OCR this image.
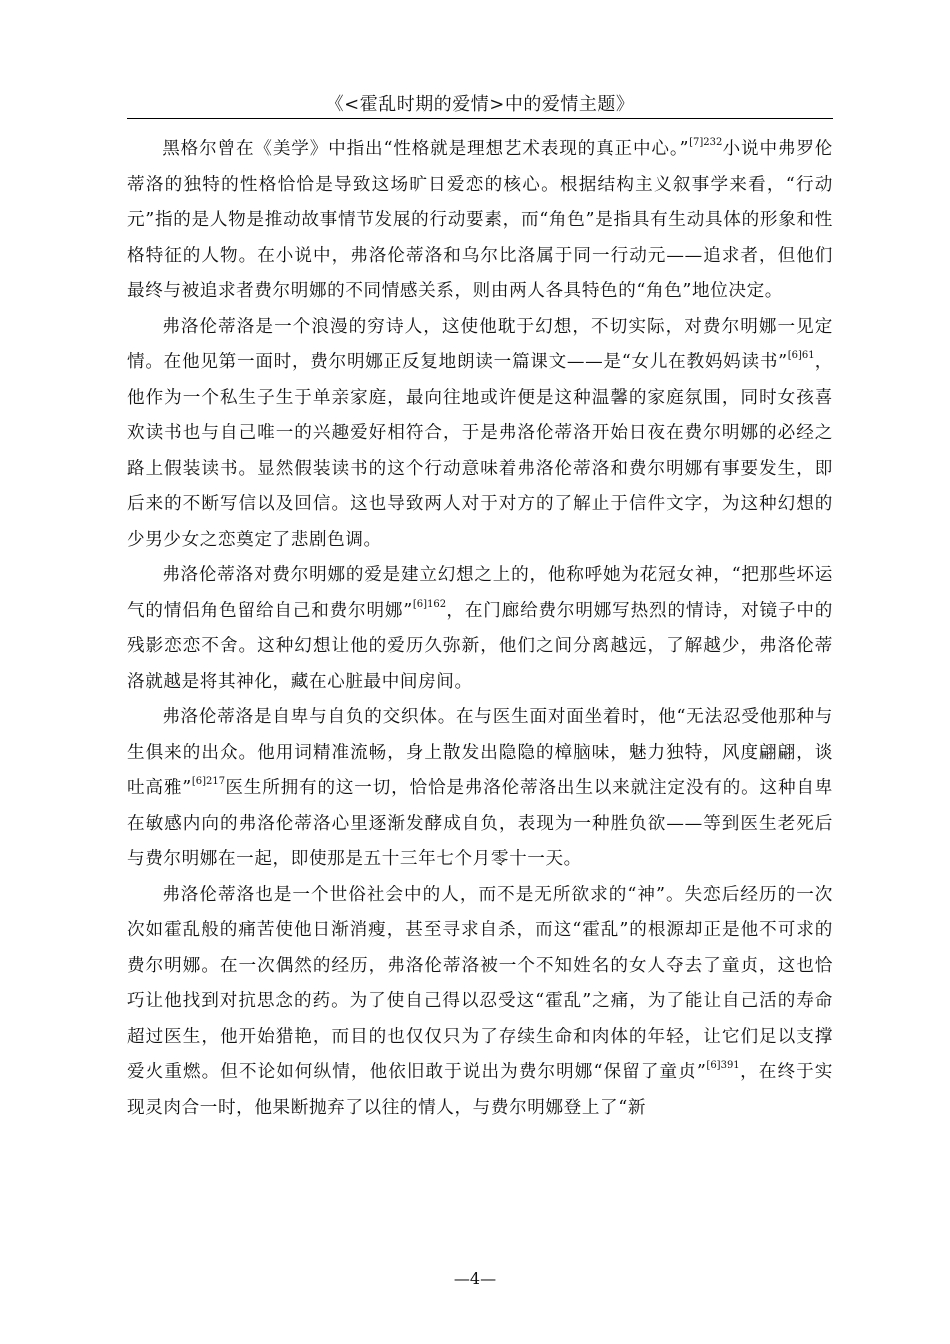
《<霍乱时期的爱情>中的爱情主题》

黑格尔曾在《美学》中指出“性格就是理想艺术表现的真正中心。”$^{[7]232}$小说中弗罗伦蒂洛的独特的性格恰恰是导致这场旷日爱恋的核心。根据结构主义叙事学来看，“行动元”指的是人物是推动故事情节发展的行动要素，而“角色”是指具有生动具体的形象和性格特征的人物。在小说中，弗洛伦蒂洛和乌尔比洛属于同一行动元——追求者，但他们最终与被追求者费尔明娜的不同情感关系，则由两人各具特色的“角色”地位决定。

弗洛伦蒂洛是一个浪漫的穷诗人，这使他耽于幻想，不切实际，对费尔明娜一见定情。在他见第一面时，费尔明娜正反复地朗读一篇课文——是“女儿在教妈妈读书”$^{[6]61}$，他作为一个私生子生于单亲家庭，最向往地或许便是这种温馨的家庭氛围，同时女孩喜欢读书也与自己唯一的兴趣爱好相符合，于是弗洛伦蒂洛开始日夜在费尔明娜的必经之路上假装读书。显然假装读书的这个行动意味着弗洛伦蒂洛和费尔明娜有事要发生，即后来的不断写信以及回信。这也导致两人对于对方的了解止于信件文字，为这种幻想的少男少女之恋奠定了悲剧色调。

弗洛伦蒂洛对费尔明娜的爱是建立幻想之上的，他称呼她为花冠女神，“把那些坏运气的情侣角色留给自己和费尔明娜”$^{[6]162}$，在门廊给费尔明娜写热烈的情诗，对镜子中的残影恋恋不舍。这种幻想让他的爱历久弥新，他们之间分离越远，了解越少，弗洛伦蒂洛就越是将其神化，藏在心脏最中间房间。

弗洛伦蒂洛是自卑与自负的交织体。在与医生面对面坐着时，他“无法忍受他那种与生俱来的出众。他用词精准流畅，身上散发出隐隐的樟脑味，魅力独特，风度翩翩，谈吐高雅”$^{[6]217}$医生所拥有的这一切，恰恰是弗洛伦蒂洛出生以来就注定没有的。这种自卑在敏感内向的弗洛伦蒂洛心里逐渐发酵成自负，表现为一种胜负欲——等到医生老死后与费尔明娜在一起，即使那是五十三年七个月零十一天。

弗洛伦蒂洛也是一个世俗社会中的人，而不是无所欲求的“神”。失恋后经历的一次次如霍乱般的痛苦使他日渐消瘦，甚至寻求自杀，而这“霍乱”的根源却正是他不可求的费尔明娜。在一次偶然的经历，弗洛伦蒂洛被一个不知姓名的女人夺去了童贞，这也恰巧让他找到对抗思念的药。为了使自己得以忍受这“霍乱”之痛，为了能让自己活的寿命超过医生，他开始猎艳，而目的也仅仅只为了存续生命和肉体的年轻，让它们足以支撑爱火重燃。但不论如何纵情，他依旧敢于说出为费尔明娜“保留了童贞”$^{[6]391}$，在终于实现灵肉合一时，他果断抛弃了以往的情人，与费尔明娜登上了“新

—4—
